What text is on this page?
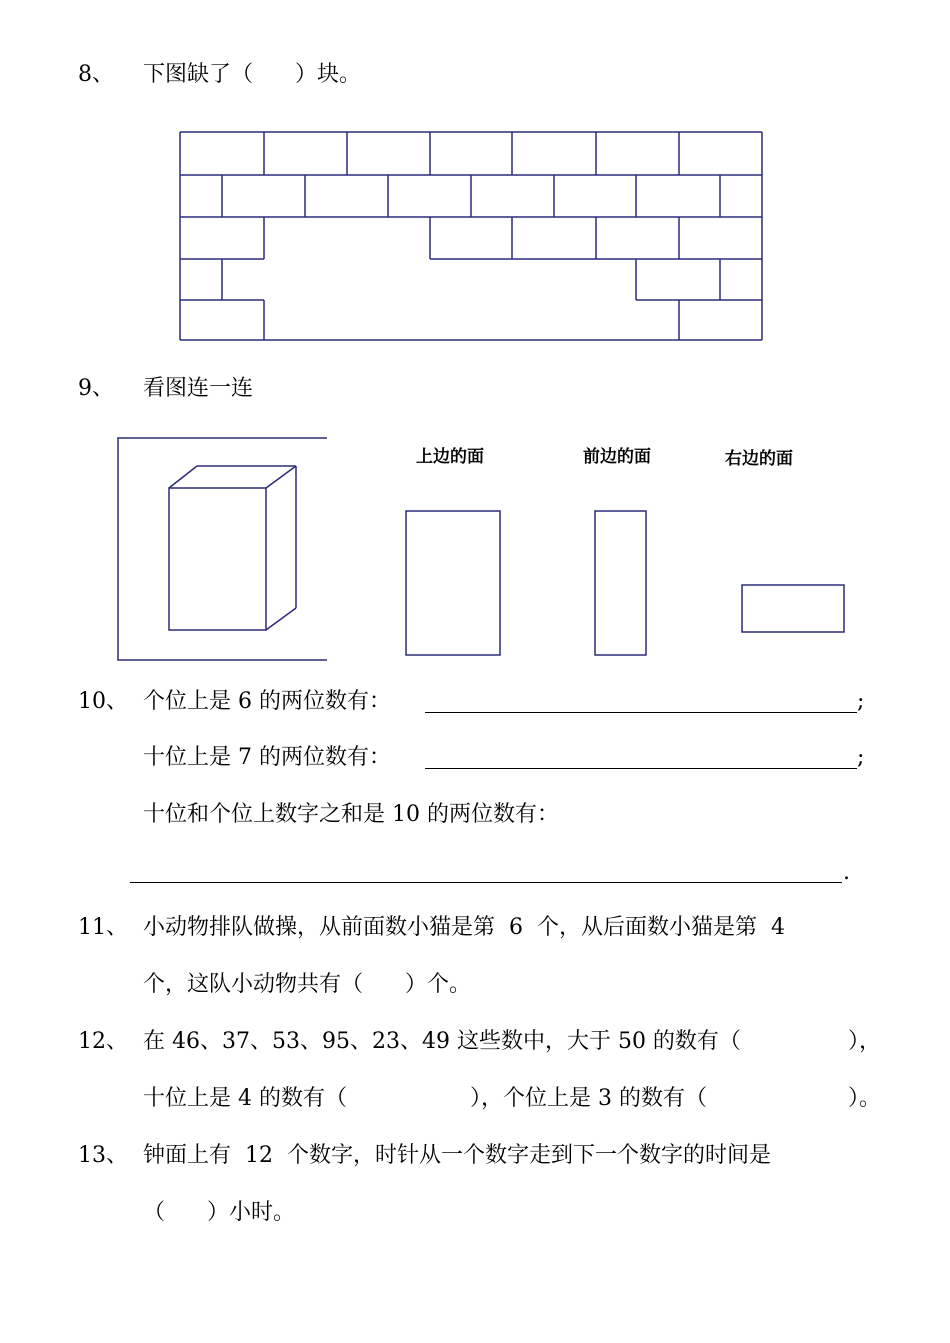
8、 下图缺了（      ）块。
9、 看图连一连
上边的面	前边的面	右边的面
10、 个位上是 6 的两位数有：	;
十位上是 7 的两位数有：	;
十位和个位上数字之和是 10 的两位数有：
.
11、 小动物排队做操，从前面数小猫是第  6  个，从后面数小猫是第  4
个，这队小动物共有（      ）个。
12、 在 46、37、53、95、23、49 这些数中，大于 50 的数有（	），
十位上是 4 的数有（	），个位上是 3 的数有（	）。
13、 钟面上有  12  个数字，时针从一个数字走到下一个数字的时间是
（      ）小时。
